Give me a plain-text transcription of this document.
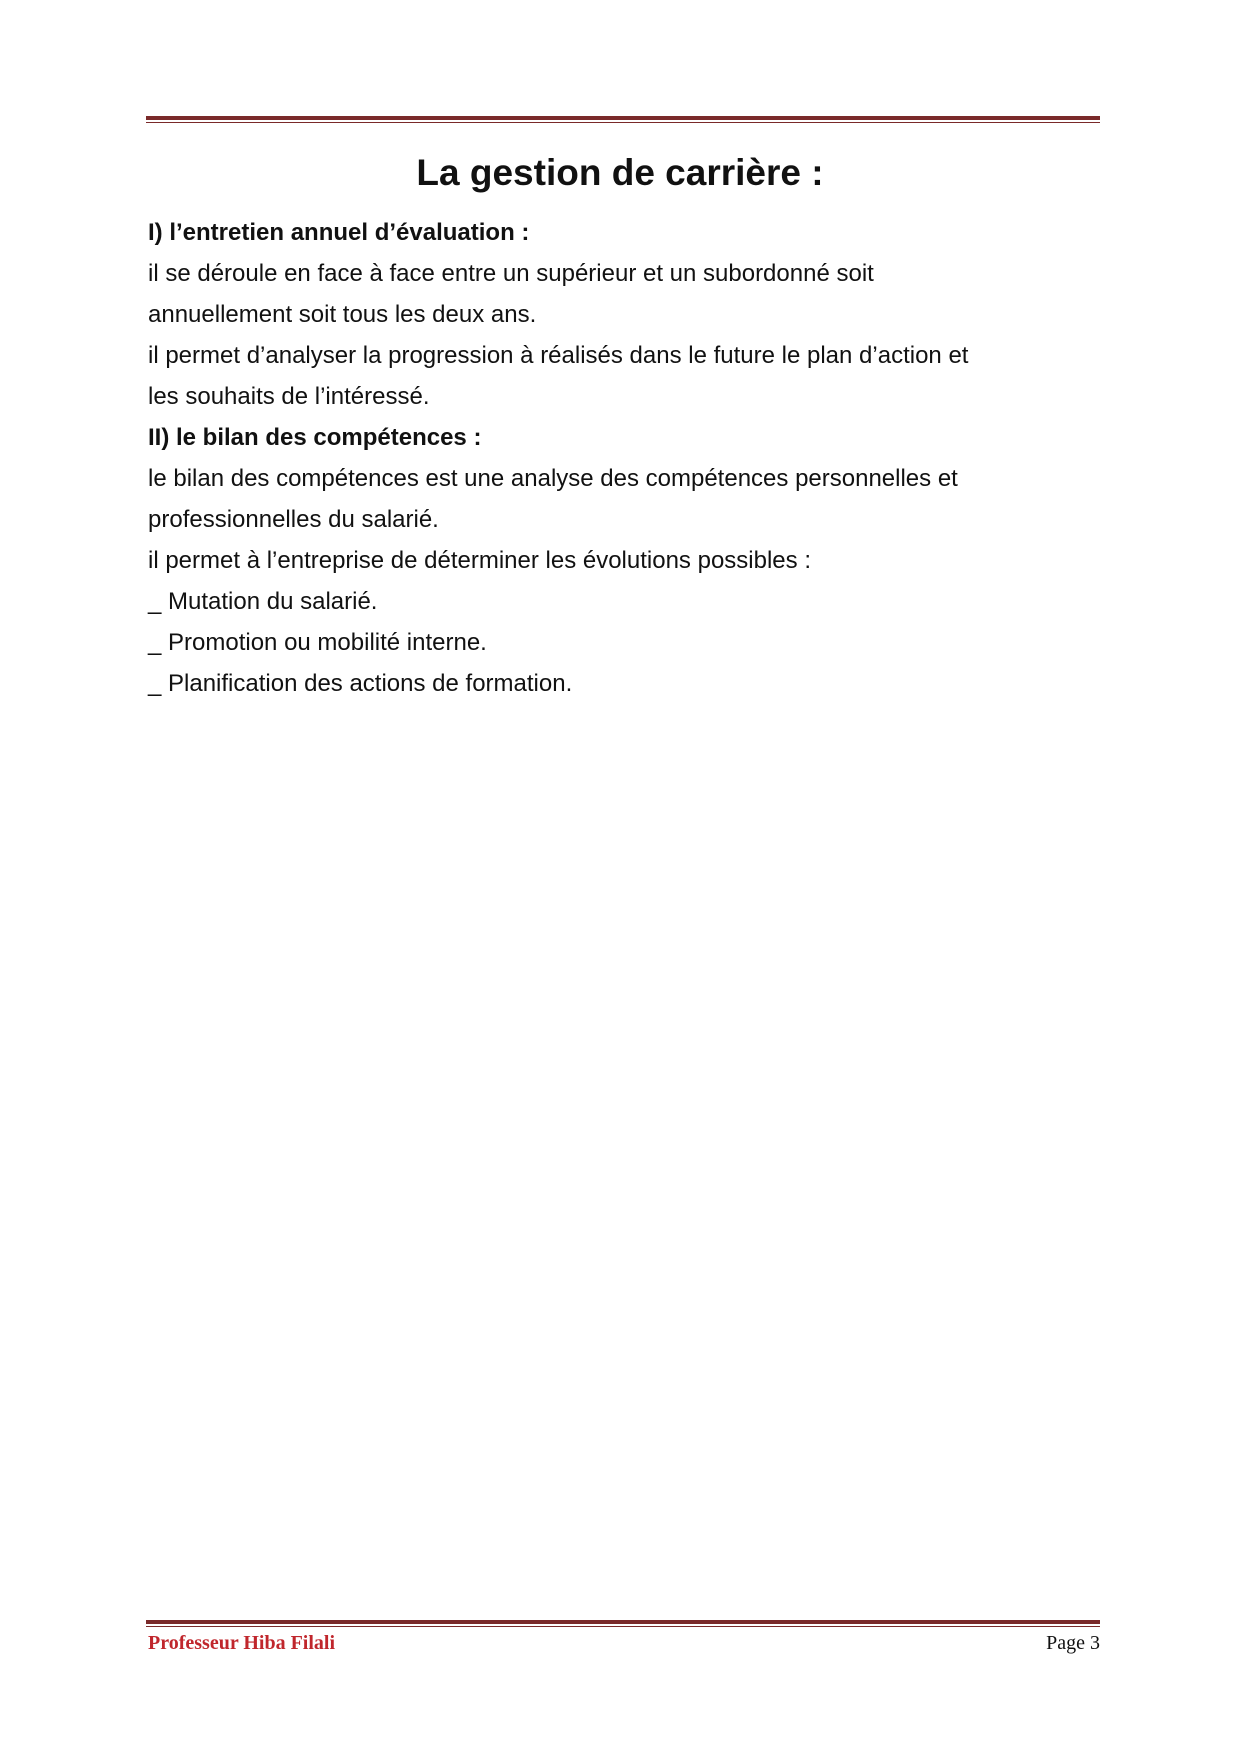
La gestion de carrière :
I) l’entretien annuel d’évaluation :
il se déroule en face à face entre un supérieur et un subordonné soit
annuellement soit tous les deux ans.
il permet d’analyser la progression à réalisés dans le future le plan d’action et
les souhaits de l’intéressé.
II) le bilan des compétences :
le bilan des compétences est une analyse des compétences personnelles et
professionnelles du salarié.
il permet à l’entreprise de déterminer les évolutions possibles :
_ Mutation du salarié.
_ Promotion ou mobilité interne.
_ Planification des actions de formation.
Professeur Hiba Filali	Page 3
